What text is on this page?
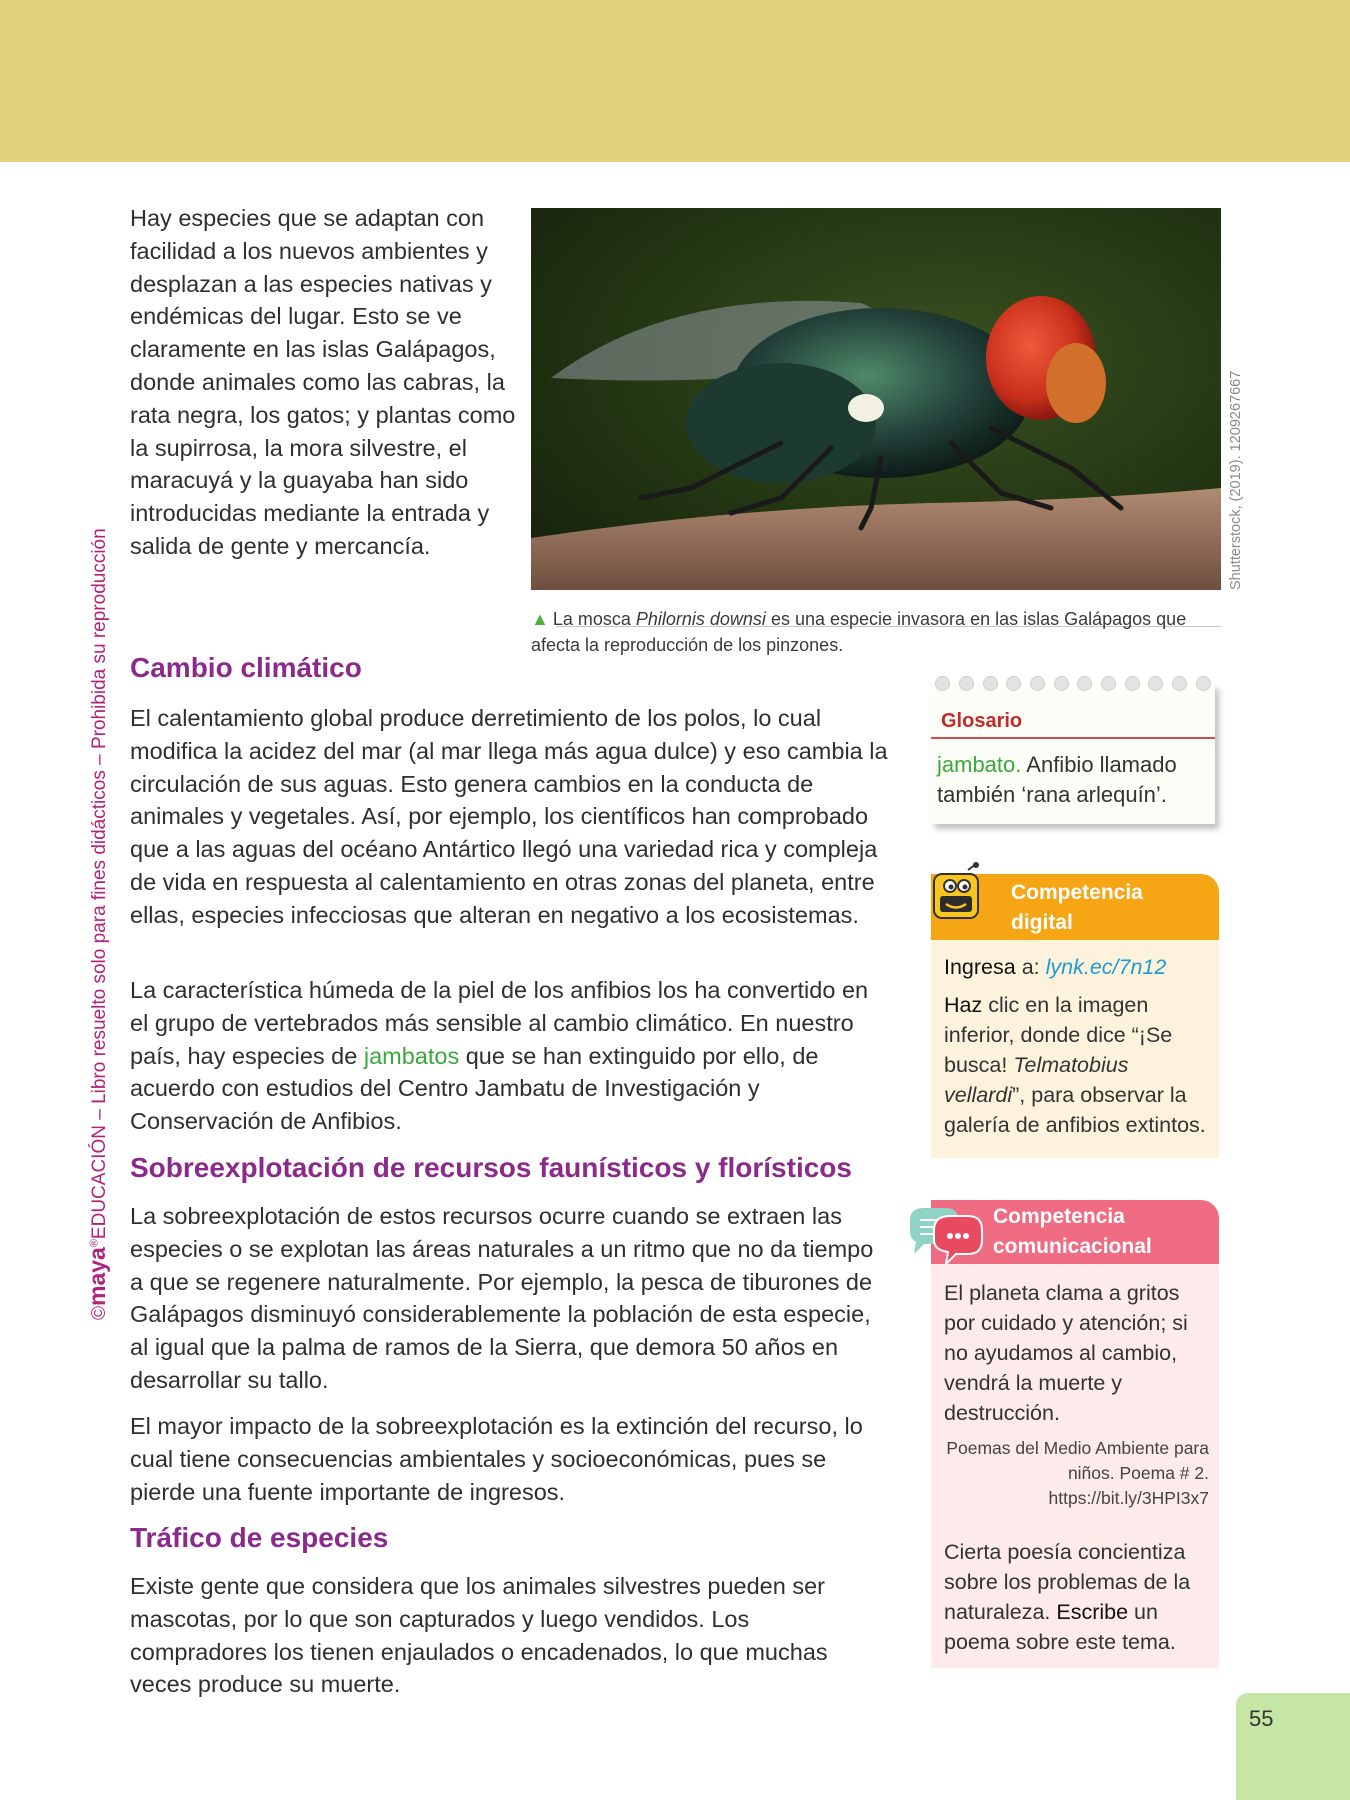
©maya®EDUCACIÓN – Libro resuelto solo para fines didácticos – Prohibida su reproducción

Hay especies que se adaptan con facilidad a los nuevos ambientes y desplazan a las especies nativas y endémicas del lugar. Esto se ve claramente en las islas Galápagos, donde animales como las cabras, la rata negra, los gatos; y plantas como la supirrosa, la mora silvestre, el maracuyá y la guayaba han sido introducidas mediante la entrada y salida de gente y mercancía.	Shutterstock, (2019). 1209267667
▲ La mosca Philornis downsi es una especie invasora en las islas Galápagos que afecta la reproducción de los pinzones.
Cambio climático

El calentamiento global produce derretimiento de los polos, lo cual modifica la acidez del mar (al mar llega más agua dulce) y eso cambia la circulación de sus aguas. Esto genera cambios en la conducta de animales y vegetales. Así, por ejemplo, los científicos han comprobado que a las aguas del océano Antártico llegó una variedad rica y compleja de vida en respuesta al calentamiento en otras zonas del planeta, entre ellas, especies infecciosas que alteran en negativo a los ecosistemas.

La característica húmeda de la piel de los anfibios los ha convertido en el grupo de vertebrados más sensible al cambio climático. En nuestro país, hay especies de jambatos que se han extinguido por ello, de acuerdo con estudios del Centro Jambatu de Investigación y Conservación de Anfibios.

Sobreexplotación de recursos faunísticos y florísticos

La sobreexplotación de estos recursos ocurre cuando se extraen las especies o se explotan las áreas naturales a un ritmo que no da tiempo a que se regenere naturalmente. Por ejemplo, la pesca de tiburones de Galápagos disminuyó considerablemente la población de esta especie, al igual que la palma de ramos de la Sierra, que demora 50 años en desarrollar su tallo.

El mayor impacto de la sobreexplotación es la extinción del recurso, lo cual tiene consecuencias ambientales y socioeconómicas, pues se pierde una fuente importante de ingresos.

Tráfico de especies

Existe gente que considera que los animales silvestres pueden ser mascotas, por lo que son capturados y luego vendidos. Los compradores los tienen enjaulados o encadenados, lo que muchas veces produce su muerte.

Glosario
jambato. Anfibio llamado también ‘rana arlequín’.
Competencia digital

Ingresa a: lynk.ec/7n12

Haz clic en la imagen inferior, donde dice “¡Se busca! Telmatobius vellardi”, para observar la galería de anfibios extintos.

Competencia comunicacional
El planeta clama a gritos por cuidado y atención; si no ayudamos al cambio, vendrá la muerte y destrucción.
Poemas del Medio Ambiente para niños. Poema # 2. https://bit.ly/3HPI3x7
Cierta poesía concientiza sobre los problemas de la naturaleza. Escribe un poema sobre este tema.
55
